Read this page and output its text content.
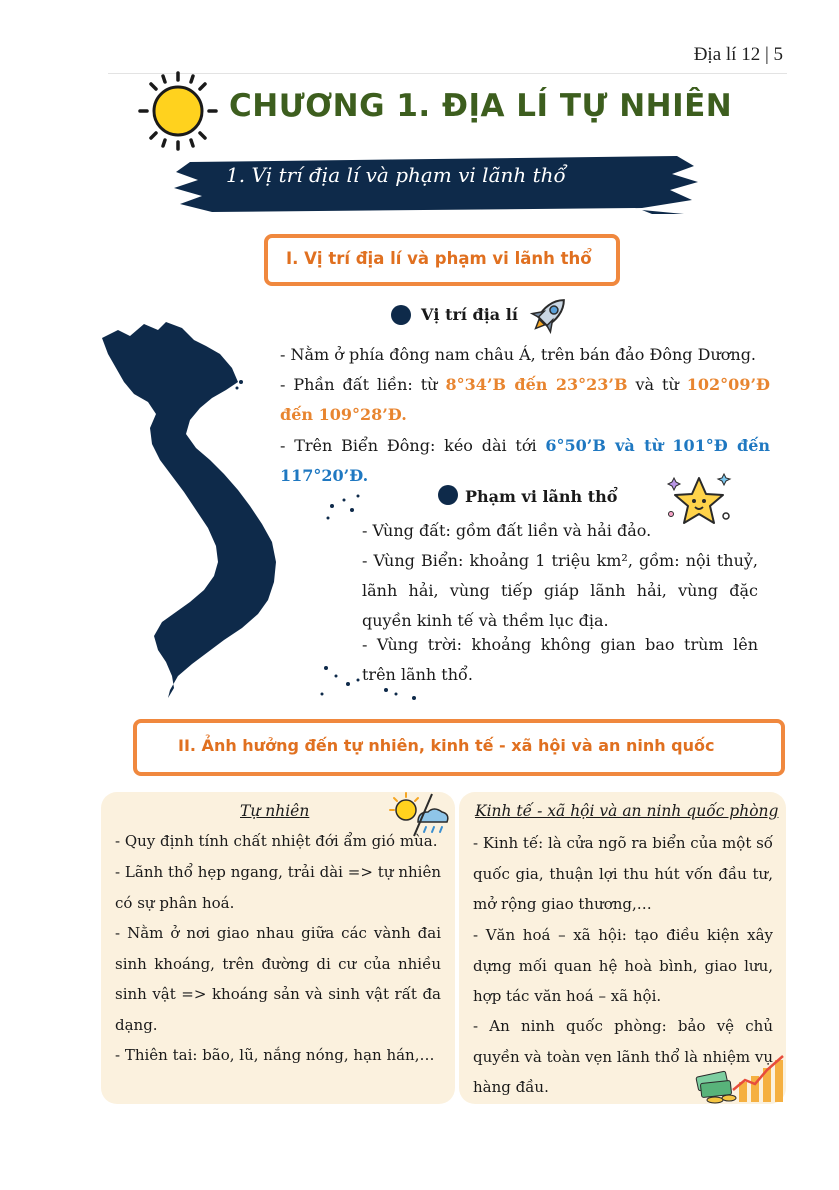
Địa lí 12 | 5
CHƯƠNG 1. ĐỊA LÍ TỰ NHIÊN
1. Vị trí địa lí và phạm vi lãnh thổ
I. Vị trí địa lí và phạm vi lãnh thổ
Vị trí địa lí
- Nằm ở phía đông nam châu Á, trên bán đảo Đông Dương.
- Phần đất liền: từ 8°34’B đến 23°23’B và từ 102°09’Đ đến 109°28’Đ.
- Trên Biển Đông: kéo dài tới 6°50’B và từ 101°Đ đến 117°20’Đ.
Phạm vi lãnh thổ
- Vùng đất: gồm đất liền và hải đảo.
- Vùng Biển: khoảng 1 triệu km², gồm: nội thuỷ, lãnh hải, vùng tiếp giáp lãnh hải, vùng đặc quyền kinh tế và thềm lục địa.
- Vùng trời: khoảng không gian bao trùm lên trên lãnh thổ.
II. Ảnh hưởng đến tự nhiên, kinh tế - xã hội và an ninh quốc
Tự nhiên
- Quy định tính chất nhiệt đới ẩm gió mùa.
- Lãnh thổ hẹp ngang, trải dài => tự nhiên có sự phân hoá.
- Nằm ở nơi giao nhau giữa các vành đai sinh khoáng, trên đường di cư của nhiều sinh vật => khoáng sản và sinh vật rất đa dạng.
- Thiên tai: bão, lũ, nắng nóng, hạn hán,…
Kinh tế - xã hội và an ninh quốc phòng
- Kinh tế: là cửa ngõ ra biển của một số quốc gia, thuận lợi thu hút vốn đầu tư, mở rộng giao thương,…
- Văn hoá – xã hội: tạo điều kiện xây dựng mối quan hệ hoà bình, giao lưu, hợp tác văn hoá – xã hội.
- An ninh quốc phòng: bảo vệ chủ quyền và toàn vẹn lãnh thổ là nhiệm vụ hàng đầu.
